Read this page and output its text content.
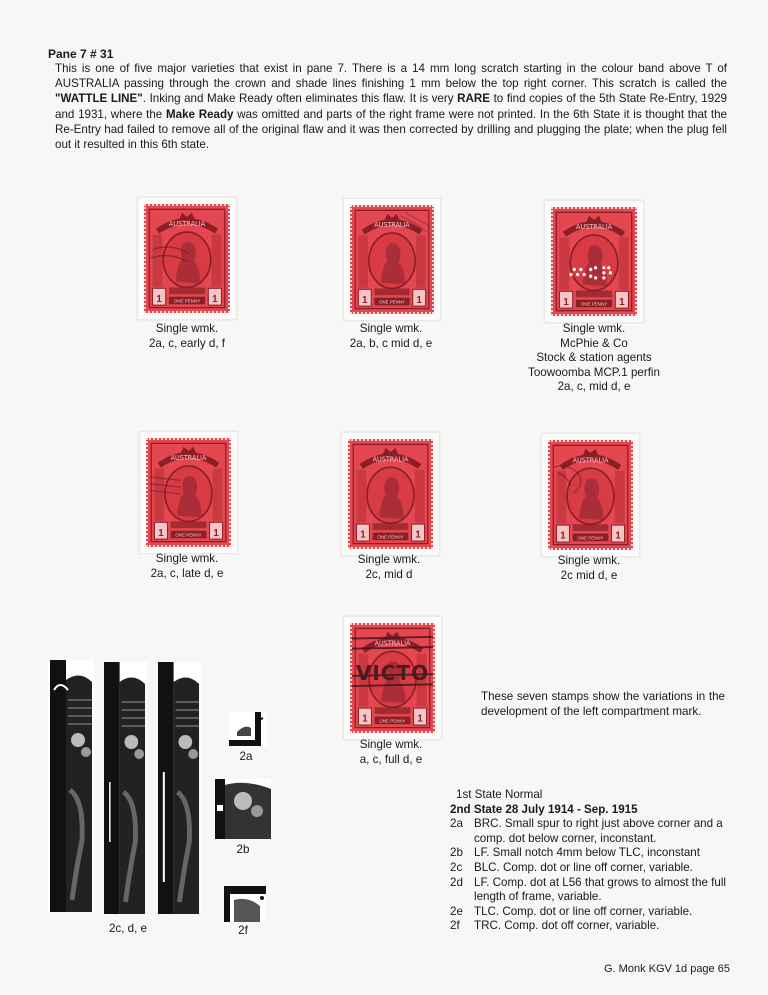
Pane 7 # 31
This is one of five major varieties that exist in pane 7. There is a 14 mm long scratch starting in the colour band above T of AUSTRALIA passing through the crown and shade lines finishing 1 mm below the top right corner. This scratch is called the "WATTLE LINE". Inking and Make Ready often eliminates this flaw. It is very RARE to find copies of the 5th State Re-Entry, 1929 and 1931, where the Make Ready was omitted and parts of the right frame were not printed. In the 6th State it is thought that the Re-Entry had failed to remove all of the original flaw and it was then corrected by drilling and plugging the plate; when the plug fell out it resulted in this 6th state.
AUSTRALIA
1	1
ONE PENNY
Single wmk.
2a, c, early d, f
AUSTRALIA
1	1
ONE PENNY
Single wmk.
2a, b, c mid d, e
AUSTRALIA
1	1
ONE PENNY
Single wmk.
McPhie & Co
Stock & station agents
Toowoomba MCP.1 perfin
2a, c, mid d, e
AUSTRALIA
1	1
ONE PENNY
Single wmk.
2a, c, late d, e
AUSTRALIA
1	1
ONE PENNY
Single wmk.
2c, mid d
AUSTRALIA
1	1
ONE PENNY
Single wmk.
2c mid d, e
AUSTRALIA
1	1
ONE PENNY
VICTO
Single wmk.
a, c, full d, e
2c, d, e
2a
2b
2f
These seven stamps show the variations in the development of the left compartment mark.
1st State Normal
2nd State 28 July 1914 - Sep. 1915
2a BRC. Small spur to right just above corner and a comp. dot below corner, inconstant.
2b LF. Small notch 4mm below TLC, inconstant
2c	BLC. Comp. dot or line off corner, variable.
2d LF. Comp. dot at L56 that grows to almost the full length of frame, variable.
2e TLC. Comp. dot or line off corner, variable.
2f	TRC. Comp. dot off corner, variable.
G. Monk KGV 1d page 65
